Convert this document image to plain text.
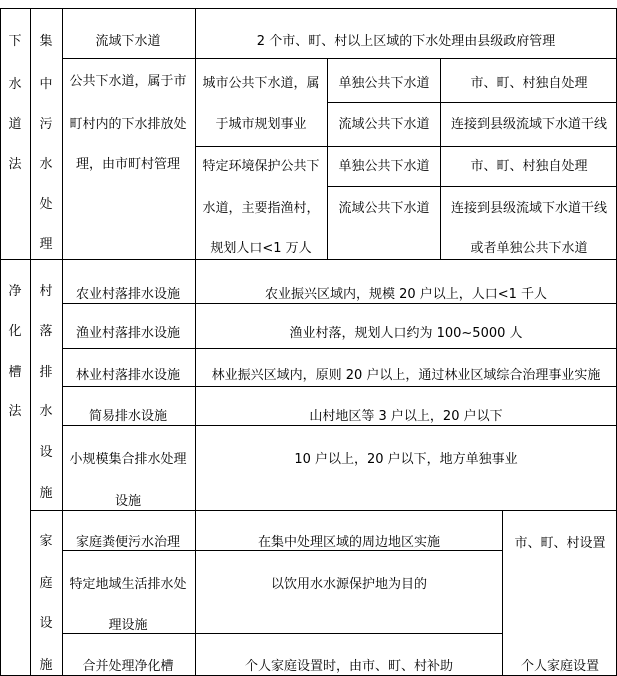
下
水
道
法
净
化
槽
法
集
中
污
水
处
理
村
落
排
水
设
施
家
庭
设
施
流域下水道
公共下水道，属于市
町村内的下水排放处
理，由市町村管理
农业村落排水设施
渔业村落排水设施
林业村落排水设施
简易排水设施
小规模集合排水处理
设施
家庭粪便污水治理
特定地域生活排水处
理设施
合并处理净化槽
2 个市、町、村以上区域的下水处理由县级政府管理
城市公共下水道，属
于城市规划事业
特定环境保护公共下
水道，主要指渔村，
规划人口<1 万人
单独公共下水道
流域公共下水道
单独公共下水道
流域公共下水道
市、町、村独自处理
连接到县级流域下水道干线
市、町、村独自处理
连接到县级流域下水道干线
或者单独公共下水道
农业振兴区域内，规模 20 户以上，人口<1 千人
渔业村落，规划人口约为 100~5000 人
林业振兴区域内，原则 20 户以上，通过林业区域综合治理事业实施
山村地区等 3 户以上，20 户以下
10 户以上，20 户以下，地方单独事业
在集中处理区域的周边地区实施
以饮用水水源保护地为目的
个人家庭设置时，由市、町、村补助
市、町、村设置
个人家庭设置
